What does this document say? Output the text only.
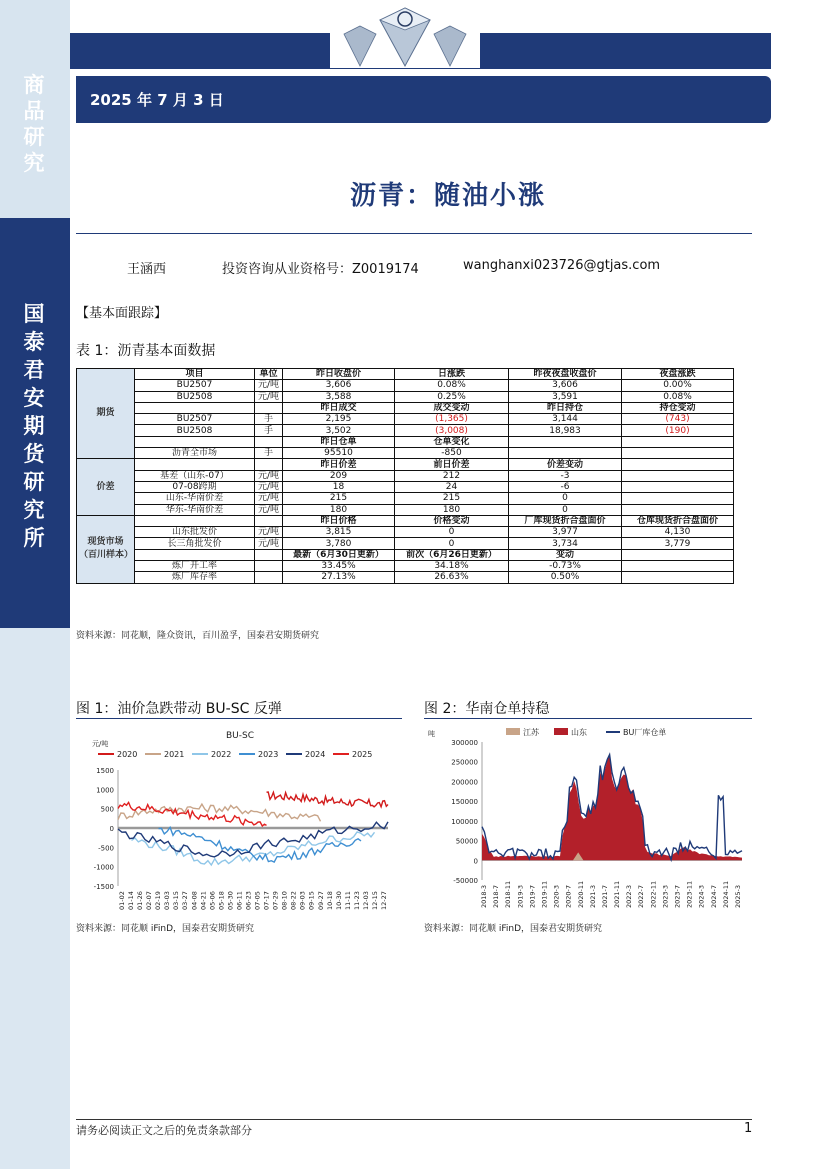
商
品
研
究
国
泰
君
安
期
货
研
究
所
2025 年 7 月 3 日
沥青：随油小涨
王涵西	投资咨询从业资格号：Z0019174	wanghanxi023726@gtjas.com
【基本面跟踪】
表 1：沥青基本面数据
期货	项目	单位	昨日收盘价	日涨跌	昨夜夜盘收盘价	夜盘涨跌
	BU2507	元/吨	3,606	0.08%	3,606	0.00%
	BU2508	元/吨	3,588	0.25%	3,591	0.08%
			昨日成交	成交变动	昨日持仓	持仓变动
	BU2507	手	2,195	(1,365)	3,144	(743)
	BU2508	手	3,502	(3,008)	18,983	(190)
			昨日仓单	仓单变化		
	沥青全市场	手	95510	-850		
价差			昨日价差	前日价差	价差变动	
	基差（山东-07）	元/吨	209	212	-3	
	07-08跨期	元/吨	18	24	-6	
	山东-华南价差	元/吨	215	215	0	
	华东-华南价差	元/吨	180	180	0	
现货市场（百川样本）			昨日价格	价格变动	厂库现货折合盘面价	仓库现货折合盘面价
	山东批发价	元/吨	3,815	0	3,977	4,130
	长三角批发价	元/吨	3,780	0	3,734	3,779
			最新（6月30日更新）	前次（6月26日更新）	变动	
	炼厂开工率		33.45%	34.18%	-0.73%	
	炼厂库存率		27.13%	26.63%	0.50%	
资料来源：同花顺，隆众资讯，百川盈孚，国泰君安期货研究
图 1：油价急跌带动 BU-SC 反弹
元/吨
BU-SC
2020	2021	2022	2023	2024	2025
1500
1000
500
0
-500
-1000
-1500
01-02 01-14 01-26 02-07 02-19 03-03 03-15 03-27 04-08 04-21 05-06 05-18 05-30 06-11 06-23 07-05 07-17 07-29 08-10 08-22 09-03 09-15 09-27 10-18 10-30 11-11 11-23 12-03 12-15 12-27
资料来源：同花顺 iFinD，国泰君安期货研究
图 2：华南仓单持稳
吨	江苏	山东	BU厂库仓单
300000
250000
200000
150000
100000
50000
0
-50000
2018-3 2018-7 2018-11 2019-3 2019-7 2019-11 2020-3 2020-7 2020-11 2021-3 2021-7 2021-11 2022-3 2022-7 2022-11 2023-3 2023-7 2023-11 2024-3 2024-7 2024-11 2025-3
资料来源：同花顺 iFinD，国泰君安期货研究
请务必阅读正文之后的免责条款部分	1
